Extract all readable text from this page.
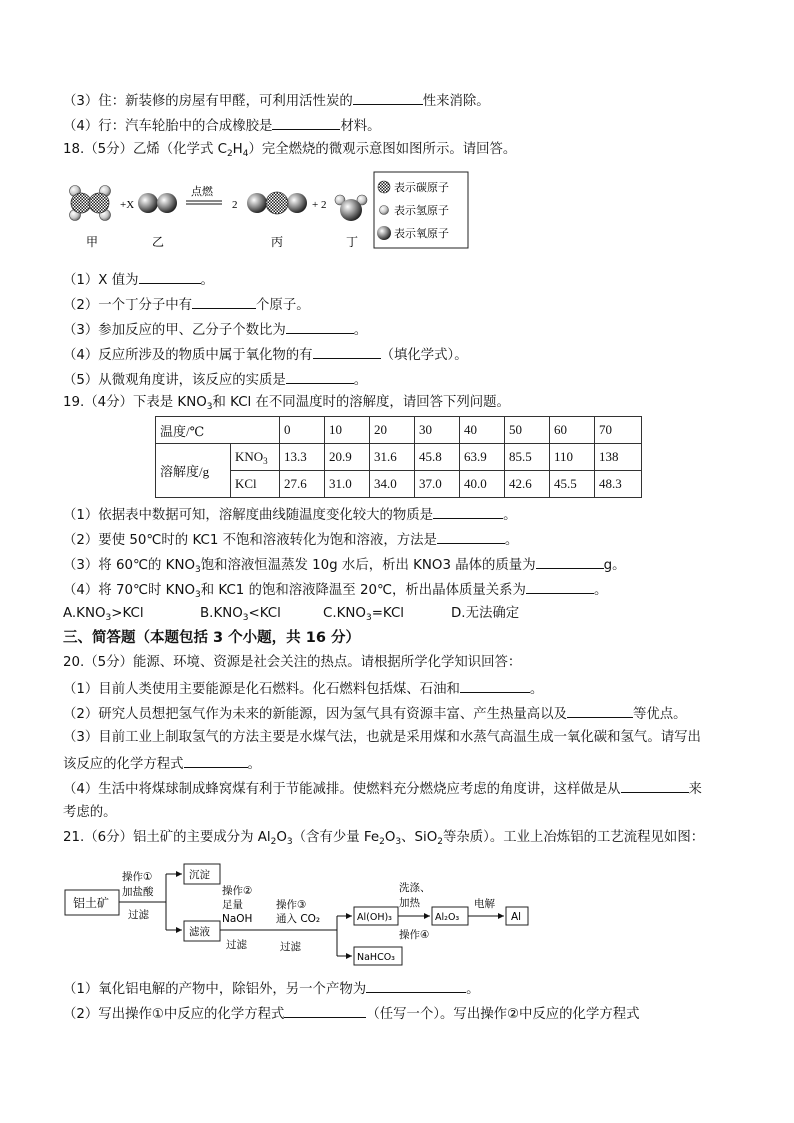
（3）住：新装修的房屋有甲醛，可利用活性炭的	性来消除。
（4）行：汽车轮胎中的合成橡胶是	材料。
18.（5分）乙烯（化学式 $C_2H_4$）完全燃烧的微观示意图如图所示。请回答。
+X
点燃
2	+ 2
甲	乙	丙	丁
表示碳原子
表示氢原子
表示氧原子
（1）X 值为	。
（2）一个丁分子中有	个原子。
（3）参加反应的甲、乙分子个数比为	。
（4）反应所涉及的物质中属于氧化物的有	（填化学式）。
（5）从微观角度讲，该反应的实质是	。
19.（4分）下表是 $KNO_3$和 KCl 在不同温度时的溶解度，请回答下列问题。
温度/℃		0	10	20	30	40	50	60	70
溶解度/g	$KNO_3$	13.3	20.9	31.6	45.8	63.9	85.5	110	138
	KCl	27.6	31.0	34.0	37.0	40.0	42.6	45.5	48.3
（1）依据表中数据可知，溶解度曲线随温度变化较大的物质是	。
（2）要使 50℃时的 KC1 不饱和溶液转化为饱和溶液，方法是	。
（3）将 60℃的 $KNO_3$饱和溶液恒温蒸发 10g 水后，析出 KNO3 晶体的质量为	g。
（4）将 70℃时 $KNO_3$和 KC1 的饱和溶液降温至 20℃，析出晶体质量关系为	。
$A.KNO_3>KCl$	$B.KNO_3<KCl$	$C.KNO_3=KCl$	D.无法确定
三、简答题（本题包括 3 个小题，共 16 分）
20.（5分）能源、环境、资源是社会关注的热点。请根据所学化学知识回答：
（1）目前人类使用主要能源是化石燃料。化石燃料包括煤、石油和	。
（2）研究人员想把氢气作为未来的新能源，因为氢气具有资源丰富、产生热量高以及	等优点。
（3）目前工业上制取氢气的方法主要是水煤气法，也就是采用煤和水蒸气高温生成一氧化碳和氢气。请写出
该反应的化学方程式	。
（4）生活中将煤球制成蜂窝煤有利于节能减排。使燃料充分燃烧应考虑的角度讲，这样做是从	来
考虑的。
21.（6分）铝土矿的主要成分为 $Al_2O_3$（含有少量 $Fe_2O_3$、SiO$_2$等杂质）。工业上冶炼铝的工艺流程见如图：
铝土矿
操作①
加盐酸
过滤
沉淀
滤液
操作②
足量
NaOH
过滤
操作③
通入 CO₂
过滤
Al(OH)₃
NaHCO₃
洗涤、
加热
操作④
Al₂O₃
电解
Al
（1）氧化铝电解的产物中，除铝外，另一个产物为	。
（2）写出操作①中反应的化学方程式	（任写一个）。写出操作②中反应的化学方程式
